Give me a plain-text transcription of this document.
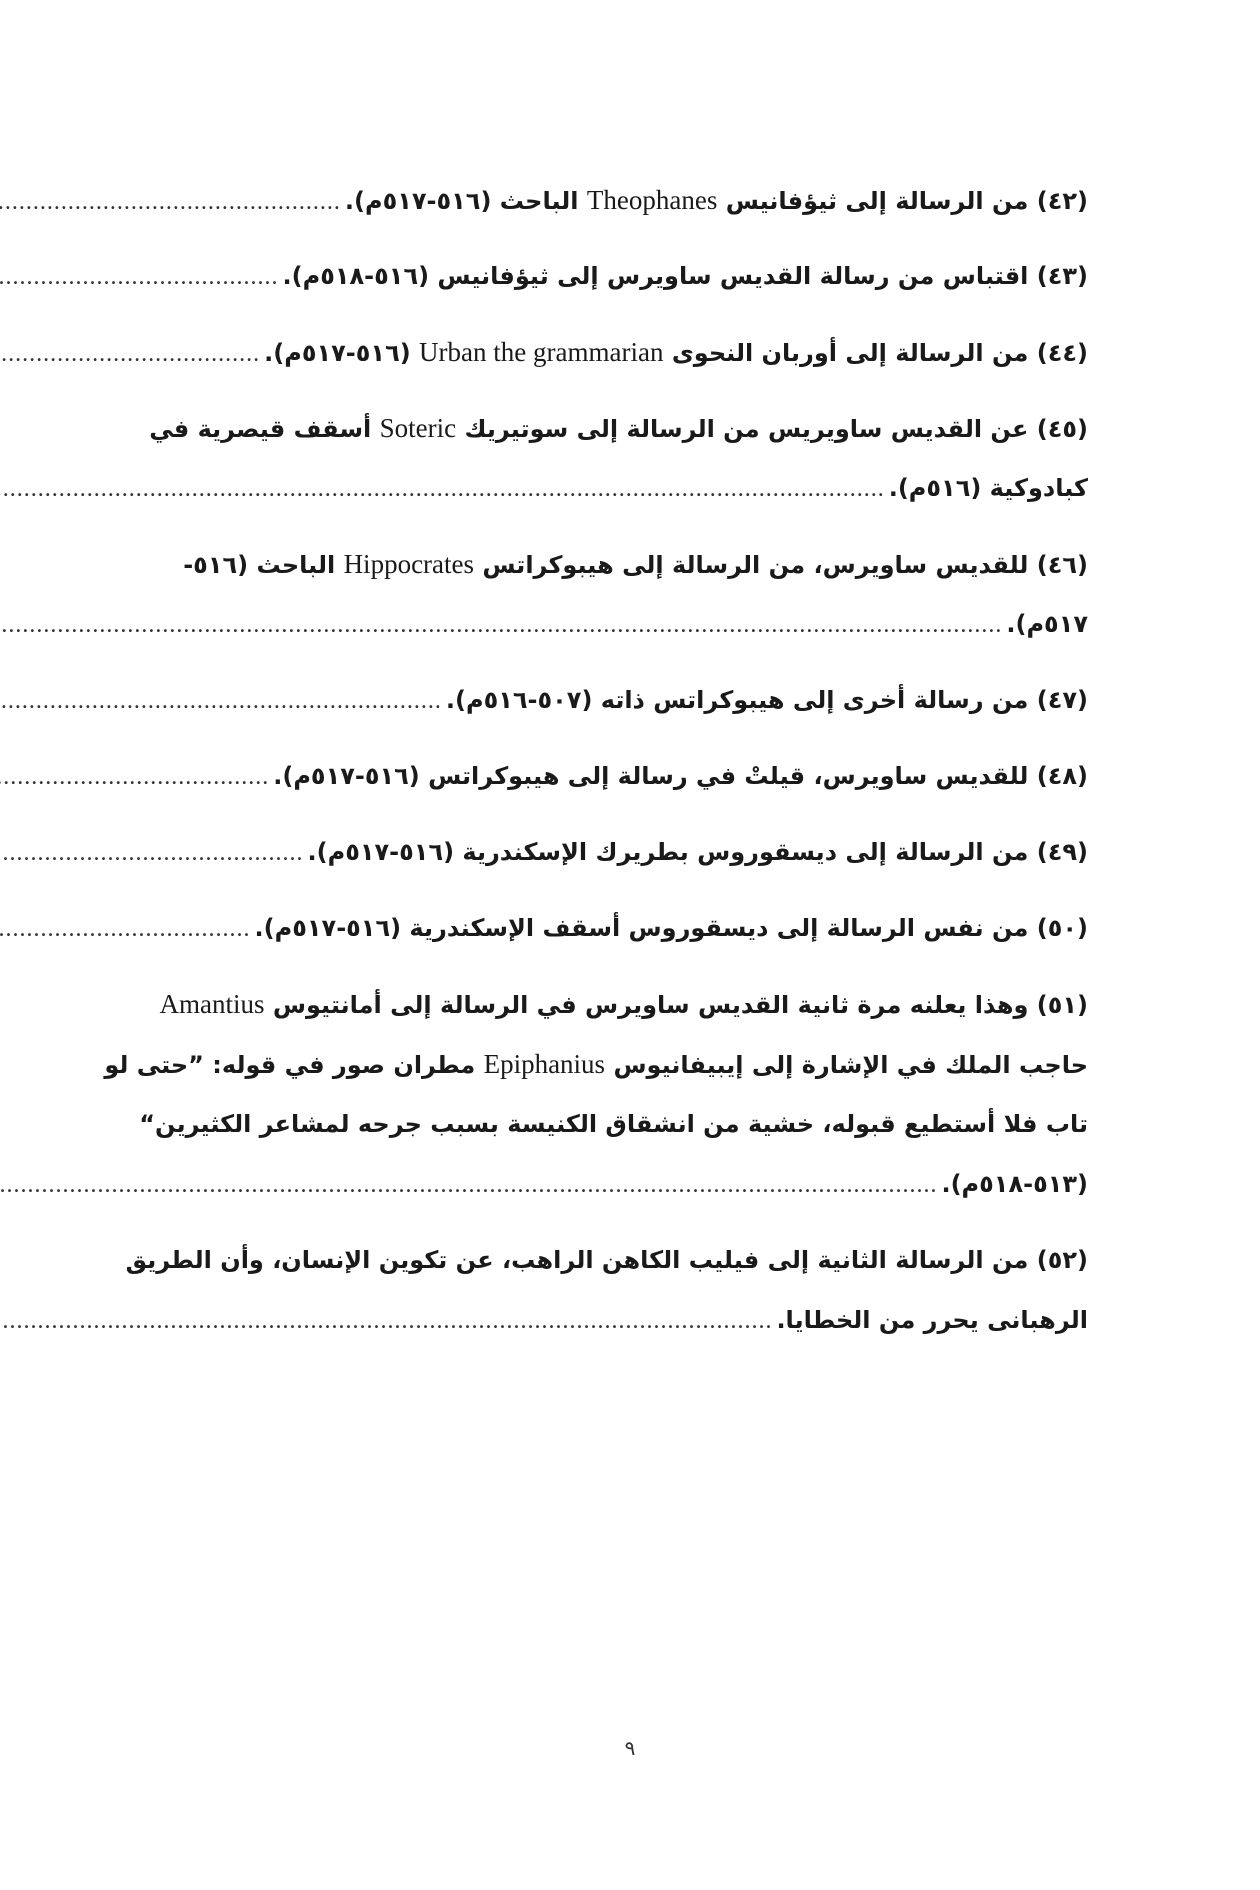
(٤٢)

من الرسالة إلى ثيؤفانيس

Theophanes

الباحث (٥١٦-٥١٧م).
.....
(٤٣)

اقتباس من رسالة القديس ساويرس إلى ثيؤفانيس (٥١٦-٥١٨م).
.....
(٤٤)

من الرسالة إلى أوربان النحوى

Urban the grammarian

(٥١٦-٥١٧م).
.....
(٤٥)

عن القديس ساويريس من الرسالة إلى سوتيريك

Soteric

أسقف قيصرية في
كبادوكية (٥١٦م).
.....
(٤٦)

للقديس ساويرس، من الرسالة إلى هيبوكراتس

Hippocrates

الباحث (٥١٦-
٥١٧م).
.....
(٤٧)

من رسالة أخرى إلى هيبوكراتس ذاته (٥٠٧-٥١٦م).
.....
(٤٨)

للقديس ساويرس، قيلتْ في رسالة إلى هيبوكراتس (٥١٦-٥١٧م).
.....
(٤٩)

من الرسالة إلى ديسقوروس بطريرك الإسكندرية (٥١٦-٥١٧م).
.....
(٥٠)

من نفس الرسالة إلى ديسقوروس أسقف الإسكندرية (٥١٦-٥١٧م).
.....
(٥١)

وهذا يعلنه مرة ثانية القديس ساويرس في الرسالة إلى أمانتيوس

Amantius
حاجب الملك في الإشارة إلى إيبيفانيوس

Epiphanius

مطران صور في قوله: ”حتى لو
تاب فلا أستطيع قبوله، خشية من انشقاق الكنيسة بسبب جرحه لمشاعر الكثيرين“
(٥١٣-٥١٨م).
.....
(٥٢)

من الرسالة الثانية إلى فيليب الكاهن الراهب، عن تكوين الإنسان، وأن الطريق
الرهبانى يحرر من الخطايا.
.....
٩
